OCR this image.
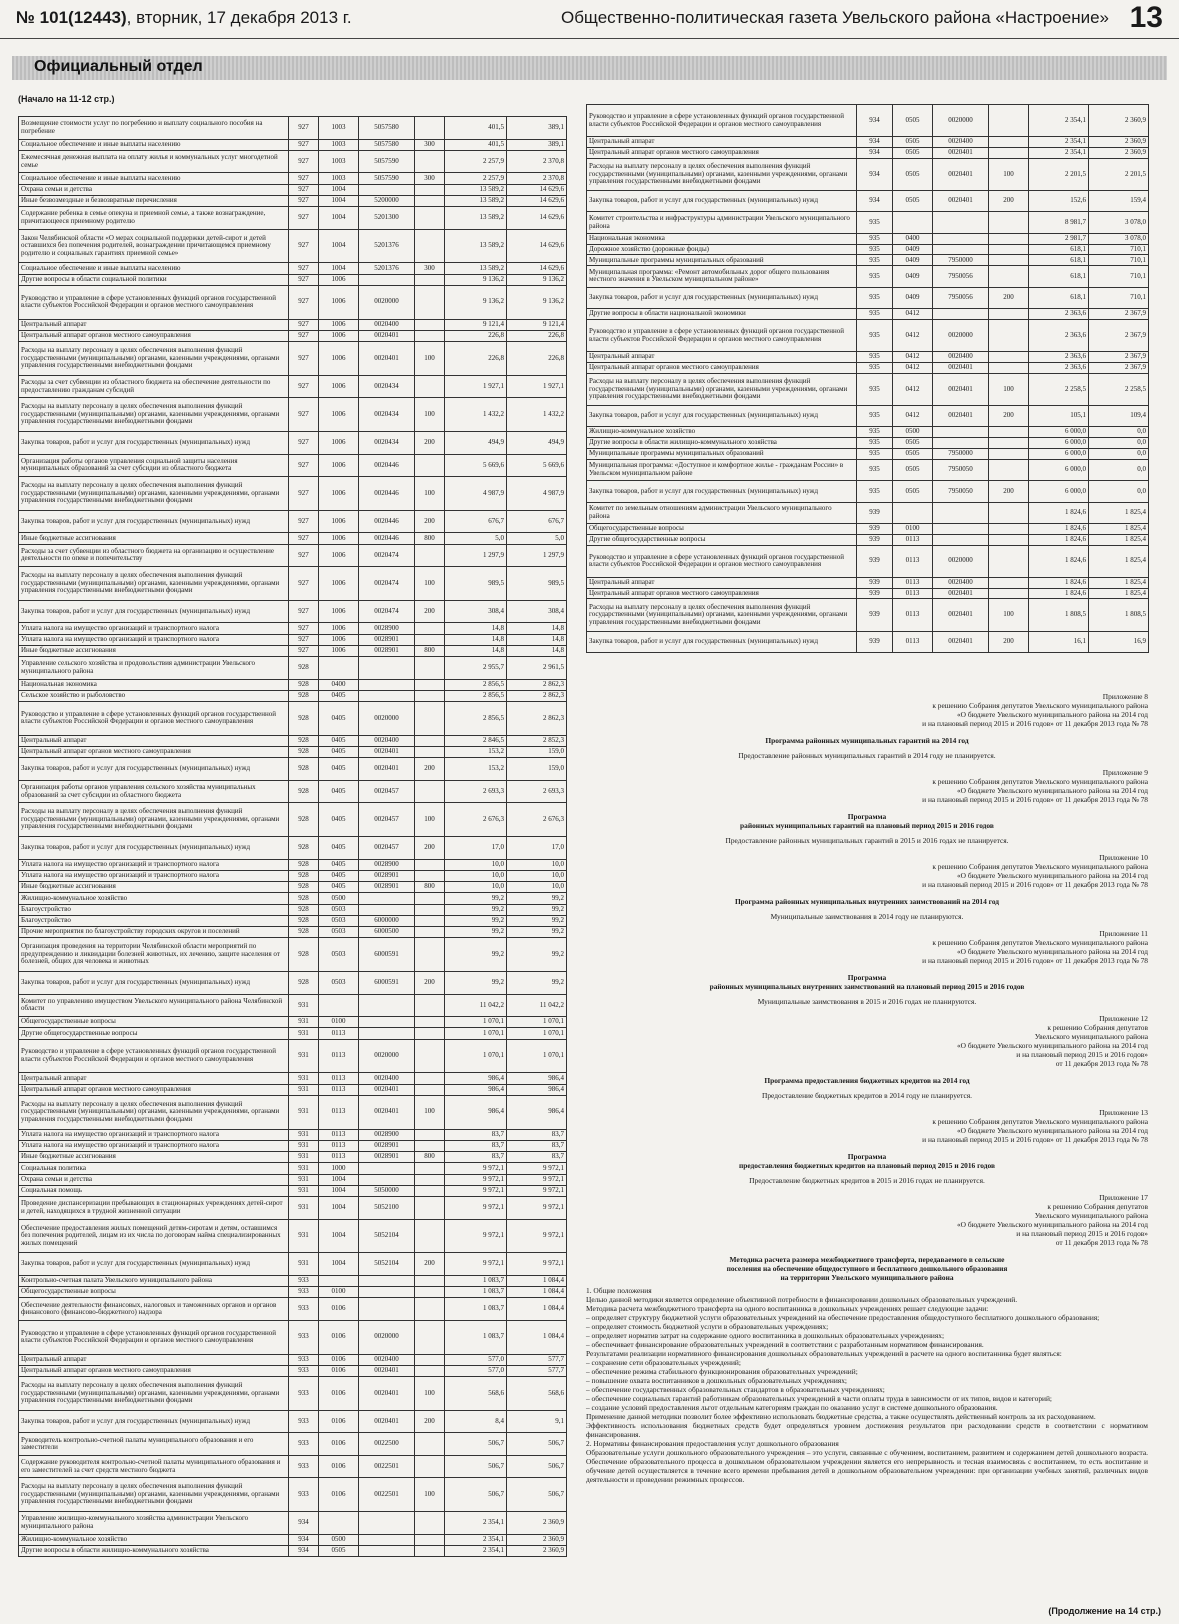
№ 101(12443), вторник, 17 декабря 2013 г.	Общественно-политическая газета Увельского района «Настроение» 13
Официальный отдел
(Начало на 11-12 стр.)
Возмещение стоимости услуг по погребению и выплату социального пособия на погребение	927	1003	5057580		401,5	389,1
Социальное обеспечение и иные выплаты населению	927	1003	5057580	300	401,5	389,1
Ежемесячная денежная выплата на оплату жилья и коммунальных услуг многодетной семье	927	1003	5057590		2 257,9	2 370,8
Социальное обеспечение и иные выплаты населению	927	1003	5057590	300	2 257,9	2 370,8
Охрана семьи и детства	927	1004			13 589,2	14 629,6
Иные безвозмездные и безвозвратные перечисления	927	1004	5200000		13 589,2	14 629,6
Содержание ребенка в семье опекуна и приемной семье, а также вознаграждение, причитающееся приемному родителю	927	1004	5201300		13 589,2	14 629,6
Закон Челябинской области «О мерах социальной поддержки детей-сирот и детей оставшихся без попечения родителей, вознаграждении причитающемся приемному родителю и социальных гарантиях приемной семье»	927	1004	5201376		13 589,2	14 629,6
Социальное обеспечение и иные выплаты населению	927	1004	5201376	300	13 589,2	14 629,6
Другие вопросы в области социальной политики	927	1006			9 136,2	9 136,2
Руководство и управление в сфере установленных функций органов государственной власти субъектов Российской Федерации и органов местного самоуправления	927	1006	0020000		9 136,2	9 136,2
Центральный аппарат	927	1006	0020400		9 121,4	9 121,4
Центральный аппарат органов местного самоуправления	927	1006	0020401		226,8	226,8
Расходы на выплату персоналу в целях обеспечения выполнения функций государственными (муниципальными) органами, казенными учреждениями, органами управления государственными внебюджетными фондами	927	1006	0020401	100	226,8	226,8
Расходы за счет субвенции из областного бюджета на обеспечение деятельности по предоставлению гражданам субсидий	927	1006	0020434		1 927,1	1 927,1
Расходы на выплату персоналу в целях обеспечения выполнения функций государственными (муниципальными) органами, казенными учреждениями, органами управления государственными внебюджетными фондами	927	1006	0020434	100	1 432,2	1 432,2
Закупка товаров, работ и услуг для государственных (муниципальных) нужд	927	1006	0020434	200	494,9	494,9
Организация работы органов управления социальной защиты населения муниципальных образований за счет субсидии из областного бюджета	927	1006	0020446		5 669,6	5 669,6
Расходы на выплату персоналу в целях обеспечения выполнения функций государственными (муниципальными) органами, казенными учреждениями, органами управления государственными внебюджетными фондами	927	1006	0020446	100	4 987,9	4 987,9
Закупка товаров, работ и услуг для государственных (муниципальных) нужд	927	1006	0020446	200	676,7	676,7
Иные бюджетные ассигнования	927	1006	0020446	800	5,0	5,0
Расходы за счет субвенции из областного бюджета на организацию и осуществление деятельности по опеке и попечительству	927	1006	0020474		1 297,9	1 297,9
Расходы на выплату персоналу в целях обеспечения выполнения функций государственными (муниципальными) органами, казенными учреждениями, органами управления государственными внебюджетными фондами	927	1006	0020474	100	989,5	989,5
Закупка товаров, работ и услуг для государственных (муниципальных) нужд	927	1006	0020474	200	308,4	308,4
Уплата налога на имущество организаций и транспортного налога	927	1006	0028900		14,8	14,8
Уплата налога на имущество организаций и транспортного налога	927	1006	0028901		14,8	14,8
Иные бюджетные ассигнования	927	1006	0028901	800	14,8	14,8
Управление сельского хозяйства и продовольствия администрации Увельского муниципального района	928				2 955,7	2 961,5
Национальная экономика	928	0400			2 856,5	2 862,3
Сельское хозяйство и рыболовство	928	0405			2 856,5	2 862,3
Руководство и управление в сфере установленных функций органов государственной власти субъектов Российской Федерации и органов местного самоуправления	928	0405	0020000		2 856,5	2 862,3
Центральный аппарат	928	0405	0020400		2 846,5	2 852,3
Центральный аппарат органов местного самоуправления	928	0405	0020401		153,2	159,0
Закупка товаров, работ и услуг для государственных (муниципальных) нужд	928	0405	0020401	200	153,2	159,0
Организация работы органов управления сельского хозяйства муниципальных образований за счет субсидии из областного бюджета	928	0405	0020457		2 693,3	2 693,3
Расходы на выплату персоналу в целях обеспечения выполнения функций государственными (муниципальными) органами, казенными учреждениями, органами управления государственными внебюджетными фондами	928	0405	0020457	100	2 676,3	2 676,3
Закупка товаров, работ и услуг для государственных (муниципальных) нужд	928	0405	0020457	200	17,0	17,0
Уплата налога на имущество организаций и транспортного налога	928	0405	0028900		10,0	10,0
Уплата налога на имущество организаций и транспортного налога	928	0405	0028901		10,0	10,0
Иные бюджетные ассигнования	928	0405	0028901	800	10,0	10,0
Жилищно-коммунальное хозяйство	928	0500			99,2	99,2
Благоустройство	928	0503			99,2	99,2
Благоустройство	928	0503	6000000		99,2	99,2
Прочие мероприятия по благоустройству городских округов и поселений	928	0503	6000500		99,2	99,2
Организация проведения на территории Челябинской области мероприятий по предупреждению и ликвидации болезней животных, их лечению, защите населения от болезней, общих для человека и животных	928	0503	6000591		99,2	99,2
Закупка товаров, работ и услуг для государственных (муниципальных) нужд	928	0503	6000591	200	99,2	99,2
Комитет по управлению имуществом Увельского муниципального района Челябинской области	931				11 042,2	11 042,2
Общегосударственные вопросы	931	0100			1 070,1	1 070,1
Другие общегосударственные вопросы	931	0113			1 070,1	1 070,1
Руководство и управление в сфере установленных функций органов государственной власти субъектов Российской Федерации и органов местного самоуправления	931	0113	0020000		1 070,1	1 070,1
Центральный аппарат	931	0113	0020400		986,4	986,4
Центральный аппарат органов местного самоуправления	931	0113	0020401		986,4	986,4
Расходы на выплату персоналу в целях обеспечения выполнения функций государственными (муниципальными) органами, казенными учреждениями, органами управления государственными внебюджетными фондами	931	0113	0020401	100	986,4	986,4
Уплата налога на имущество организаций и транспортного налога	931	0113	0028900		83,7	83,7
Уплата налога на имущество организаций и транспортного налога	931	0113	0028901		83,7	83,7
Иные бюджетные ассигнования	931	0113	0028901	800	83,7	83,7
Социальная политика	931	1000			9 972,1	9 972,1
Охрана семьи и детства	931	1004			9 972,1	9 972,1
Социальная помощь	931	1004	5050000		9 972,1	9 972,1
Проведение диспансеризации пребывающих в стационарных учреждениях детей-сирот и детей, находящихся в трудной жизненной ситуации	931	1004	5052100		9 972,1	9 972,1
Обеспечение предоставления жилых помещений детям-сиротам и детям, оставшимся без попечения родителей, лицам из их числа по договорам найма специализированных жилых помещений	931	1004	5052104		9 972,1	9 972,1
Закупка товаров, работ и услуг для государственных (муниципальных) нужд	931	1004	5052104	200	9 972,1	9 972,1
Контрольно-счетная палата Увельского муниципального района	933				1 083,7	1 084,4
Общегосударственные вопросы	933	0100			1 083,7	1 084,4
Обеспечение деятельности финансовых, налоговых и таможенных органов и органов финансового (финансово-бюджетного) надзора	933	0106			1 083,7	1 084,4
Руководство и управление в сфере установленных функций органов государственной власти субъектов Российской Федерации и органов местного самоуправления	933	0106	0020000		1 083,7	1 084,4
Центральный аппарат	933	0106	0020400		577,0	577,7
Центральный аппарат органов местного самоуправления	933	0106	0020401		577,0	577,7
Расходы на выплату персоналу в целях обеспечения выполнения функций государственными (муниципальными) органами, казенными учреждениями, органами управления государственными внебюджетными фондами	933	0106	0020401	100	568,6	568,6
Закупка товаров, работ и услуг для государственных (муниципальных) нужд	933	0106	0020401	200	8,4	9,1
Руководитель контрольно-счетной палаты муниципального образования и его заместители	933	0106	0022500		506,7	506,7
Содержание руководителя контрольно-счетной палаты муниципального образования и его заместителей за счет средств местного бюджета	933	0106	0022501		506,7	506,7
Расходы на выплату персоналу в целях обеспечения выполнения функций государственными (муниципальными) органами, казенными учреждениями, органами управления государственными внебюджетными фондами	933	0106	0022501	100	506,7	506,7
Управление жилищно-коммунального хозяйства администрации Увельского муниципального района	934				2 354,1	2 360,9
Жилищно-коммунальное хозяйство	934	0500			2 354,1	2 360,9
Другие вопросы в области жилищно-коммунального хозяйства	934	0505			2 354,1	2 360,9
Руководство и управление в сфере установленных функций органов государственной власти субъектов Российской Федерации и органов местного самоуправления	934	0505	0020000		2 354,1	2 360,9
Центральный аппарат	934	0505	0020400		2 354,1	2 360,9
Центральный аппарат органов местного самоуправления	934	0505	0020401		2 354,1	2 360,9
Расходы на выплату персоналу в целях обеспечения выполнения функций государственными (муниципальными) органами, казенными учреждениями, органами управления государственными внебюджетными фондами	934	0505	0020401	100	2 201,5	2 201,5
Закупка товаров, работ и услуг для государственных (муниципальных) нужд	934	0505	0020401	200	152,6	159,4
Комитет строительства и инфраструктуры администрации Увельского муниципального района	935				8 981,7	3 078,0
Национальная экономика	935	0400			2 981,7	3 078,0
Дорожное хозяйство (дорожные фонды)	935	0409			618,1	710,1
Муниципальные программы муниципальных образований	935	0409	7950000		618,1	710,1
Муниципальная программа: «Ремонт автомобильных дорог общего пользования местного значения в Увельском муниципальном районе»	935	0409	7950056		618,1	710,1
Закупка товаров, работ и услуг для государственных (муниципальных) нужд	935	0409	7950056	200	618,1	710,1
Другие вопросы в области национальной экономики	935	0412			2 363,6	2 367,9
Руководство и управление в сфере установленных функций органов государственной власти субъектов Российской Федерации и органов местного самоуправления	935	0412	0020000		2 363,6	2 367,9
Центральный аппарат	935	0412	0020400		2 363,6	2 367,9
Центральный аппарат органов местного самоуправления	935	0412	0020401		2 363,6	2 367,9
Расходы на выплату персоналу в целях обеспечения выполнения функций государственными (муниципальными) органами, казенными учреждениями, органами управления государственными внебюджетными фондами	935	0412	0020401	100	2 258,5	2 258,5
Закупка товаров, работ и услуг для государственных (муниципальных) нужд	935	0412	0020401	200	105,1	109,4
Жилищно-коммунальное хозяйство	935	0500			6 000,0	0,0
Другие вопросы в области жилищно-коммунального хозяйства	935	0505			6 000,0	0,0
Муниципальные программы муниципальных образований	935	0505	7950000		6 000,0	0,0
Муниципальная программа: «Доступное и комфортное жилье - гражданам России» в Увельском муниципальном районе	935	0505	7950050		6 000,0	0,0
Закупка товаров, работ и услуг для государственных (муниципальных) нужд	935	0505	7950050	200	6 000,0	0,0
Комитет по земельным отношениям администрации Увельского муниципального района	939				1 824,6	1 825,4
Общегосударственные вопросы	939	0100			1 824,6	1 825,4
Другие общегосударственные вопросы	939	0113			1 824,6	1 825,4
Руководство и управление в сфере установленных функций органов государственной власти субъектов Российской Федерации и органов местного самоуправления	939	0113	0020000		1 824,6	1 825,4
Центральный аппарат	939	0113	0020400		1 824,6	1 825,4
Центральный аппарат органов местного самоуправления	939	0113	0020401		1 824,6	1 825,4
Расходы на выплату персоналу в целях обеспечения выполнения функций государственными (муниципальными) органами, казенными учреждениями, органами управления государственными внебюджетными фондами	939	0113	0020401	100	1 808,5	1 808,5
Закупка товаров, работ и услуг для государственных (муниципальных) нужд	939	0113	0020401	200	16,1	16,9
Приложение 8
к решению Собрания депутатов Увельского муниципального района
«О бюджете Увельского муниципального района на 2014 год
и на плановый период 2015 и 2016 годов» от 11 декабря 2013 года № 78
Программа районных муниципальных гарантий на 2014 год
Предоставление районных муниципальных гарантий в 2014 году не планируется.
Приложение 9
к решению Собрания депутатов Увельского муниципального района
«О бюджете Увельского муниципального района на 2014 год
и на плановый период 2015 и 2016 годов» от 11 декабря 2013 года № 78
Программа
районных муниципальных гарантий на плановый период 2015 и 2016 годов
Предоставление районных муниципальных гарантий в 2015 и 2016 годах не планируется.
Приложение 10
к решению Собрания депутатов Увельского муниципального района
«О бюджете Увельского муниципального района на 2014 год
и на плановый период 2015 и 2016 годов» от 11 декабря 2013 года № 78
Программа районных муниципальных внутренних заимствований на 2014 год
Муниципальные заимствования в 2014 году не планируются.
Приложение 11
к решению Собрания депутатов Увельского муниципального района
«О бюджете Увельского муниципального района на 2014 год
и на плановый период 2015 и 2016 годов» от 11 декабря 2013 года № 78
Программа
районных муниципальных внутренних заимствований на плановый период 2015 и 2016 годов
Муниципальные заимствования в 2015 и 2016 годах не планируются.
Приложение 12
к решению Собрания депутатов
Увельского муниципального района
«О бюджете Увельского муниципального района на 2014 год
и на плановый период 2015 и 2016 годов»
от 11 декабря 2013 года № 78
Программа предоставления бюджетных кредитов на 2014 год
Предоставление бюджетных кредитов в 2014 году не планируется.
Приложение 13
к решению Собрания депутатов Увельского муниципального района
«О бюджете Увельского муниципального района на 2014 год
и на плановый период 2015 и 2016 годов» от 11 декабря 2013 года № 78
Программа
предоставления бюджетных кредитов на плановый период 2015 и 2016 годов
Предоставление бюджетных кредитов в 2015 и 2016 годах не планируется.
Приложение 17
к решению Собрания депутатов
Увельского муниципального района
«О бюджете Увельского муниципального района на 2014 год
и на плановый период 2015 и 2016 годов»
от 11 декабря 2013 года № 78
Методика расчета размера межбюджетного трансферта, передаваемого в сельские
поселения на обеспечение общедоступного и бесплатного дошкольного образования
на территории Увельского муниципального района

1. Общие положения

Целью данной методики является определение объективной потребности в финансировании дошкольных образовательных учреждений.

Методика расчета межбюджетного трансферта на одного воспитанника в дошкольных учреждениях решает следующие задачи:

– определяет структуру бюджетной услуги образовательных учреждений на обеспечение предоставления общедоступного бесплатного дошкольного образования;

– определяет стоимость бюджетной услуги в образовательных учреждениях;

– определяет норматив затрат на содержание одного воспитанника в дошкольных образовательных учреждениях;

– обеспечивает финансирование образовательных учреждений в соответствии с разработанным нормативом финансирования.

Результатами реализации нормативного финансирования дошкольных образовательных учреждений в расчете на одного воспитанника будет являться:

– сохранение сети образовательных учреждений;

– обеспечение режима стабильного функционирования образовательных учреждений;

– повышение охвата воспитанников в дошкольных образовательных учреждениях;

– обеспечение государственных образовательных стандартов в образовательных учреждениях;

– обеспечение социальных гарантий работникам образовательных учреждений в части оплаты труда в зависимости от их типов, видов и категорий;

– создание условий предоставления льгот отдельным категориям граждан по оказанию услуг в системе дошкольного образования.

Применение данной методики позволит более эффективно использовать бюджетные средства, а также осуществлять действенный контроль за их расходованием.

Эффективность использования бюджетных средств будет определяться уровнем достижения результатов при расходовании средств в соответствии с нормативом финансирования.

2. Нормативы финансирования предоставления услуг дошкольного образования

Образовательные услуги дошкольного образовательного учреждения – это услуги, связанные с обучением, воспитанием, развитием и содержанием детей дошкольного возраста. Обеспечение образовательного процесса в дошкольном образовательном учреждении является его непрерывность и тесная взаимосвязь с воспитанием, то есть воспитание и обучение детей осуществляется в течение всего времени пребывания детей в дошкольном образовательном учреждении: при организации учебных занятий, различных видов деятельности и проведении режимных процессов.

(Продолжение на 14 стр.)
